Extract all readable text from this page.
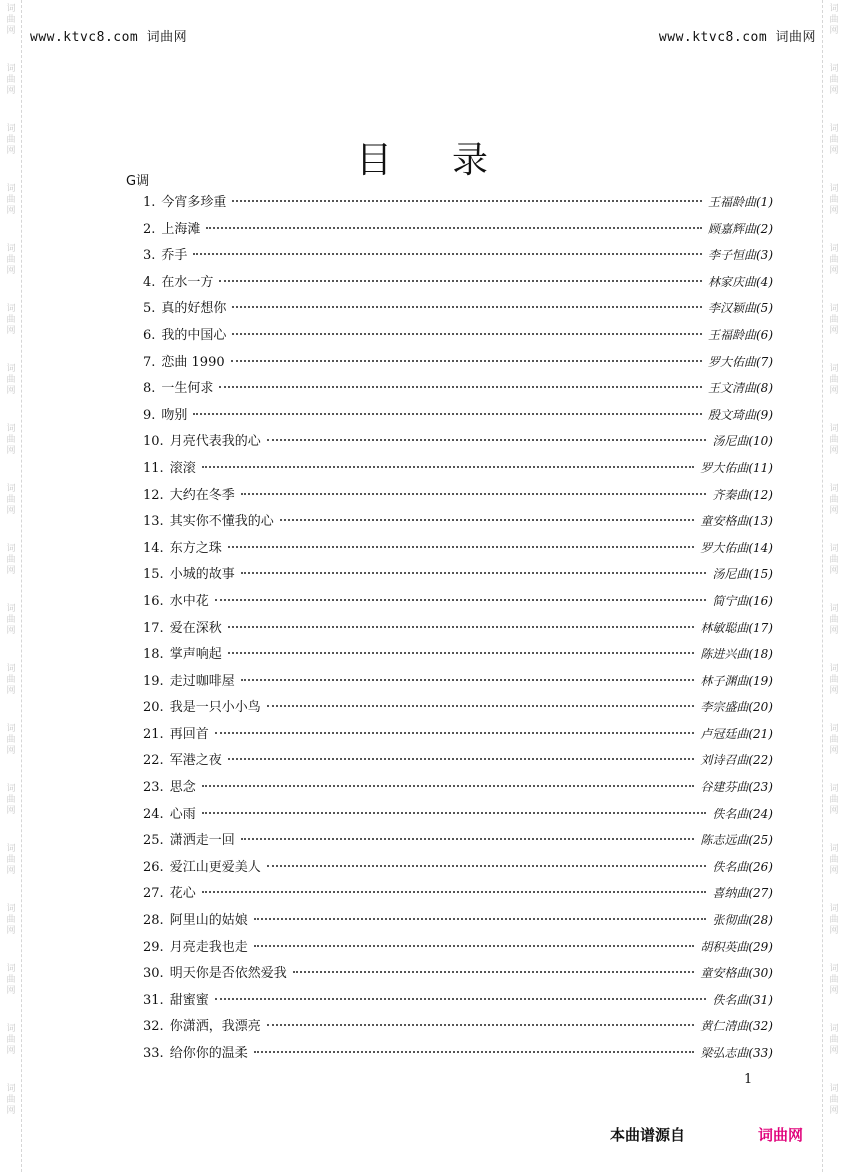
词
曲
网
词
曲
网
词
曲
网
词
曲
网
词
曲
网
词
曲
网
词
曲
网
词
曲
网
词
曲
网
词
曲
网
词
曲
网
词
曲
网
词
曲
网
词
曲
网
词
曲
网
词
曲
网
词
曲
网
词
曲
网
词
曲
网
词
曲
网
词
曲
网
词
曲
网
词
曲
网
词
曲
网
词
曲
网
词
曲
网
词
曲
网
词
曲
网
词
曲
网
词
曲
网
词
曲
网
词
曲
网
词
曲
网
词
曲
网
词
曲
网
词
曲
网
词
曲
网
词
曲
网
www.ktvc8.com 词曲网	www.ktvc8.com 词曲网
目录
G调
1. 今宵多珍重	王福龄曲(1)
2. 上海滩	顾嘉辉曲(2)
3. 乔手	李子恒曲(3)
4. 在水一方	林家庆曲(4)
5. 真的好想你	李汉颖曲(5)
6. 我的中国心	王福龄曲(6)
7. 恋曲 1990	罗大佑曲(7)
8. 一生何求	王文清曲(8)
9. 吻别	殷文琦曲(9)
10. 月亮代表我的心	汤尼曲(10)
11. 滚滚	罗大佑曲(11)
12. 大约在冬季	齐秦曲(12)
13. 其实你不懂我的心	童安格曲(13)
14. 东方之珠	罗大佑曲(14)
15. 小城的故事	汤尼曲(15)
16. 水中花	简宁曲(16)
17. 爱在深秋	林敏聪曲(17)
18. 掌声响起	陈进兴曲(18)
19. 走过咖啡屋	林子渊曲(19)
20. 我是一只小小鸟	李宗盛曲(20)
21. 再回首	卢冠廷曲(21)
22. 军港之夜	刘诗召曲(22)
23. 思念	谷建芬曲(23)
24. 心雨	佚名曲(24)
25. 潇洒走一回	陈志远曲(25)
26. 爱江山更爱美人	佚名曲(26)
27. 花心	喜纳曲(27)
28. 阿里山的姑娘	张彻曲(28)
29. 月亮走我也走	胡积英曲(29)
30. 明天你是否依然爱我	童安格曲(30)
31. 甜蜜蜜	佚名曲(31)
32. 你潇洒，我漂亮	黄仁清曲(32)
33. 给你你的温柔	梁弘志曲(33)
1
本曲谱源自	词曲网
